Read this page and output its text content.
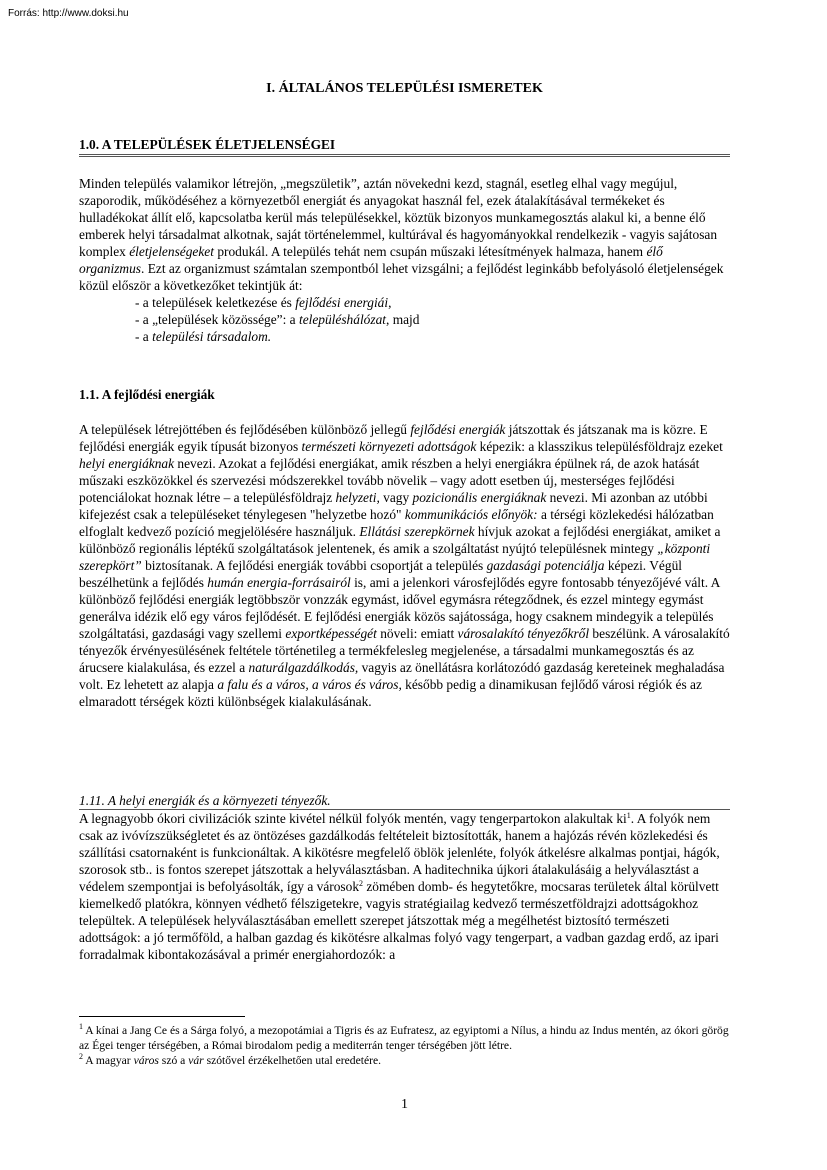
Forrás: http://www.doksi.hu
I. ÁLTALÁNOS TELEPÜLÉSI ISMERETEK
1.0. A TELEPÜLÉSEK ÉLETJELENSÉGEI

Minden település valamikor létrejön, „megszületik”, aztán növekedni kezd, stagnál, esetleg elhal vagy megújul, szaporodik, működéséhez a környezetből energiát és anyagokat használ fel, ezek átalakításával termékeket és hulladékokat állít elő, kapcsolatba kerül más településekkel, köztük bizonyos munkamegosztás alakul ki, a benne élő emberek helyi társadalmat alkotnak, saját történelemmel, kultúrával és hagyományokkal rendelkezik - vagyis sajátosan komplex életjelenségeket produkál. A település tehát nem csupán műszaki létesítmények halmaza, hanem élő organizmus. Ezt az organizmust számtalan szempontból lehet vizsgálni; a fejlődést leginkább befolyásoló életjelenségek közül először a következőket tekintjük át:

- a települések keletkezése és fejlődési energiái,
- a „települések közössége”: a településhálózat, majd
- a települési társadalom.

1.1. A fejlődési energiák

A települések létrejöttében és fejlődésében különböző jellegű fejlődési energiák játszottak és játszanak ma is közre. E fejlődési energiák egyik típusát bizonyos természeti környezeti adottságok képezik: a klasszikus településföldrajz ezeket helyi energiáknak nevezi. Azokat a fejlődési energiákat, amik részben a helyi energiákra épülnek rá, de azok hatását műszaki eszközökkel és szervezési módszerekkel tovább növelik – vagy adott esetben új, mesterséges fejlődési potenciálokat hoznak létre – a településföldrajz helyzeti, vagy pozicionális energiáknak nevezi. Mi azonban az utóbbi kifejezést csak a településeket ténylegesen "helyzetbe hozó" kommunikációs előnyök: a térségi közlekedési hálózatban elfoglalt kedvező pozíció megjelölésére használjuk. Ellátási szerepkörnek hívjuk azokat a fejlődési energiákat, amiket a különböző regionális léptékű szolgáltatások jelentenek, és amik a szolgáltatást nyújtó településnek mintegy „központi szerepkört” biztosítanak. A fejlődési energiák további csoportját a település gazdasági potenciálja képezi. Végül beszélhetünk a fejlődés humán energia-forrásairól is, ami a jelenkori városfejlődés egyre fontosabb tényezőjévé vált. A különböző fejlődési energiák legtöbbször vonzzák egymást, idővel egymásra rétegződnek, és ezzel mintegy egymást generálva idézik elő egy város fejlődését. E fejlődési energiák közös sajátossága, hogy csaknem mindegyik a település szolgáltatási, gazdasági vagy szellemi exportképességét növeli: emiatt városalakító tényezőkről beszélünk. A városalakító tényezők érvényesülésének feltétele történetileg a termékfelesleg megjelenése, a társadalmi munkamegosztás és az árucsere kialakulása, és ezzel a naturálgazdálkodás, vagyis az önellátásra korlátozódó gazdaság kereteinek meghaladása volt. Ez lehetett az alapja a falu és a város, a város és város, később pedig a dinamikusan fejlődő városi régiók és az elmaradott térségek közti különbségek kialakulásának.

1.11. A helyi energiák és a környezeti tényezők.

A legnagyobb ókori civilizációk szinte kivétel nélkül folyók mentén, vagy tengerpartokon alakultak $ki^1$. A folyók nem csak az ivóvízszükségletet és az öntözéses gazdálkodás feltételeit biztosították, hanem a hajózás révén közlekedési és szállítási csatornaként is funkcionáltak. A kikötésre megfelelő öblök jelenléte, folyók átkelésre alkalmas pontjai, hágók, szorosok stb.. is fontos szerepet játszottak a helyválasztásban. A haditechnika újkori átalakulásáig a helyválasztást a védelem szempontjai is befolyásolták, így a városok$^2$ zömében domb- és hegytetőkre, mocsaras területek által körülvett kiemelkedő platókra, könnyen védhető félszigetekre, vagyis stratégiailag kedvező természetföldrajzi adottságokhoz települtek. A települések helyválasztásában emellett szerepet játszottak még a megélhetést biztosító természeti adottságok: a jó termőföld, a halban gazdag és kikötésre alkalmas folyó vagy tengerpart, a vadban gazdag erdő, az ipari forradalmak kibontakozásával a primér energiahordozók: a

$^1$ A kínai a Jang Ce és a Sárga folyó, a mezopotámiai a Tigris és az Eufratesz, az egyiptomi a Nílus, a hindu az Indus mentén, az ókori görög az Égei tenger térségében, a Római birodalom pedig a mediterrán tenger térségében jött létre.

$^2$ A magyar város szó a vár szótővel érzékelhetően utal eredetére.

1
